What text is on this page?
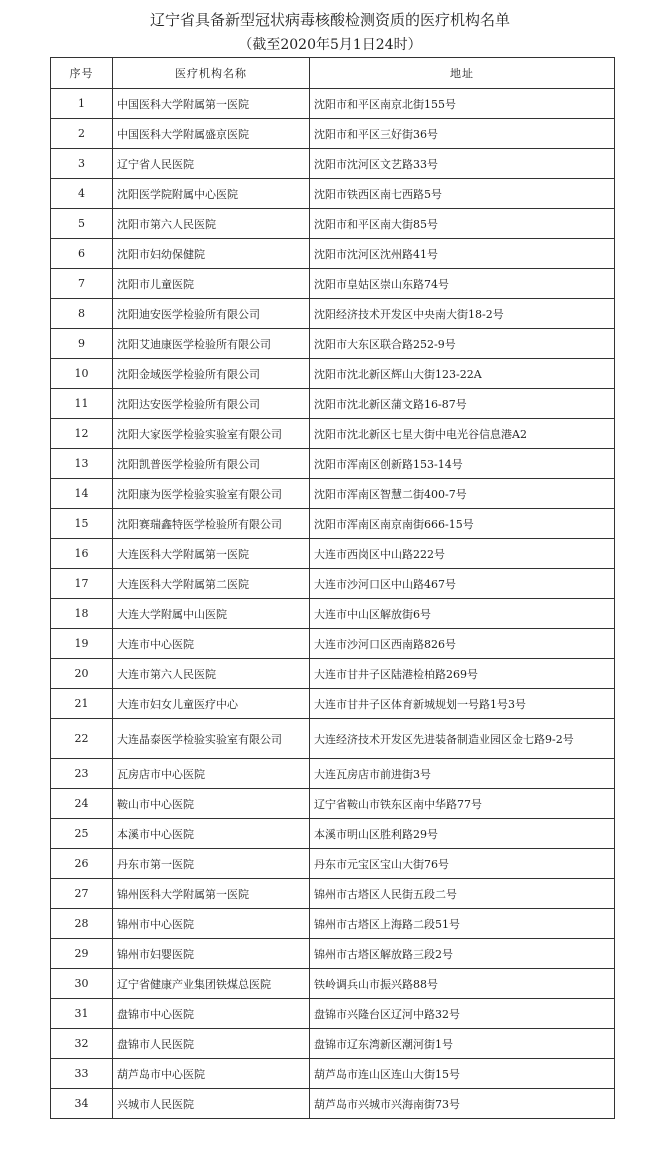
辽宁省具备新型冠状病毒核酸检测资质的医疗机构名单
（截至2020年5月1日24时）
序号	医疗机构名称	地址
1	中国医科大学附属第一医院	沈阳市和平区南京北街155号
2	中国医科大学附属盛京医院	沈阳市和平区三好街36号
3	辽宁省人民医院	沈阳市沈河区文艺路33号
4	沈阳医学院附属中心医院	沈阳市铁西区南七西路5号
5	沈阳市第六人民医院	沈阳市和平区南大街85号
6	沈阳市妇幼保健院	沈阳市沈河区沈州路41号
7	沈阳市儿童医院	沈阳市皇姑区崇山东路74号
8	沈阳迪安医学检验所有限公司	沈阳经济技术开发区中央南大街18-2号
9	沈阳艾迪康医学检验所有限公司	沈阳市大东区联合路252-9号
10	沈阳金域医学检验所有限公司	沈阳市沈北新区辉山大街123-22A
11	沈阳达安医学检验所有限公司	沈阳市沈北新区蒲文路16-87号
12	沈阳大家医学检验实验室有限公司	沈阳市沈北新区七星大街中电光谷信息港A2
13	沈阳凯普医学检验所有限公司	沈阳市浑南区创新路153-14号
14	沈阳康为医学检验实验室有限公司	沈阳市浑南区智慧二街400-7号
15	沈阳赛瑞鑫特医学检验所有限公司	沈阳市浑南区南京南街666-15号
16	大连医科大学附属第一医院	大连市西岗区中山路222号
17	大连医科大学附属第二医院	大连市沙河口区中山路467号
18	大连大学附属中山医院	大连市中山区解放街6号
19	大连市中心医院	大连市沙河口区西南路826号
20	大连市第六人民医院	大连市甘井子区陆港检柏路269号
21	大连市妇女儿童医疗中心	大连市甘井子区体育新城规划一号路1号3号
22	大连晶泰医学检验实验室有限公司	大连经济技术开发区先进装备制造业园区金七路9-2号
23	瓦房店市中心医院	大连瓦房店市前进街3号
24	鞍山市中心医院	辽宁省鞍山市铁东区南中华路77号
25	本溪市中心医院	本溪市明山区胜利路29号
26	丹东市第一医院	丹东市元宝区宝山大街76号
27	锦州医科大学附属第一医院	锦州市古塔区人民街五段二号
28	锦州市中心医院	锦州市古塔区上海路二段51号
29	锦州市妇婴医院	锦州市古塔区解放路三段2号
30	辽宁省健康产业集团铁煤总医院	铁岭调兵山市振兴路88号
31	盘锦市中心医院	盘锦市兴隆台区辽河中路32号
32	盘锦市人民医院	盘锦市辽东湾新区潮河街1号
33	葫芦岛市中心医院	葫芦岛市连山区连山大街15号
34	兴城市人民医院	葫芦岛市兴城市兴海南街73号
